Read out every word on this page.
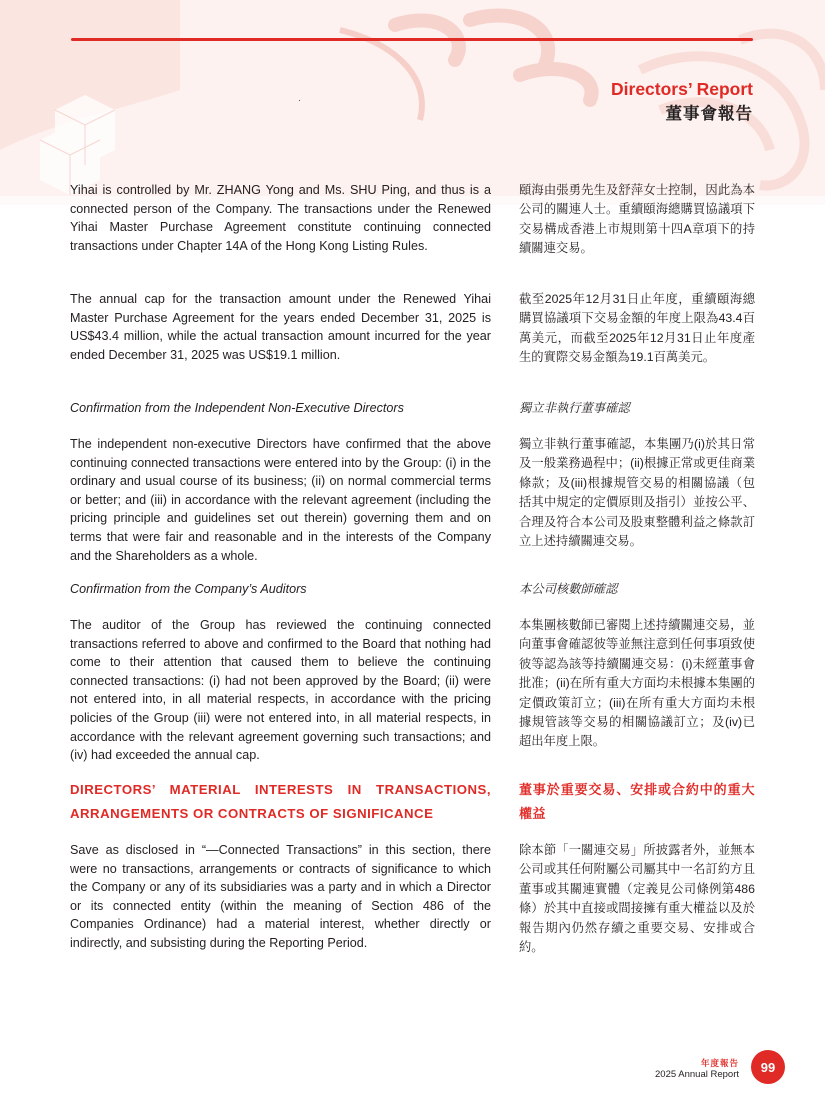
Directors’ Report
董事會報告

Yihai is controlled by Mr. ZHANG Yong and Ms. SHU Ping, and thus is a connected person of the Company. The transactions under the Renewed Yihai Master Purchase Agreement constitute continuing connected transactions under Chapter 14A of the Hong Kong Listing Rules.

The annual cap for the transaction amount under the Renewed Yihai Master Purchase Agreement for the years ended December 31, 2025 is US$43.4 million, while the actual transaction amount incurred for the year ended December 31, 2025 was US$19.1 million.

Confirmation from the Independent Non-Executive Directors

The independent non-executive Directors have confirmed that the above continuing connected transactions were entered into by the Group: (i) in the ordinary and usual course of its business; (ii) on normal commercial terms or better; and (iii) in accordance with the relevant agreement (including the pricing principle and guidelines set out therein) governing them and on terms that were fair and reasonable and in the interests of the Company and the Shareholders as a whole.

Confirmation from the Company’s Auditors

The auditor of the Group has reviewed the continuing connected transactions referred to above and confirmed to the Board that nothing had come to their attention that caused them to believe the continuing connected transactions: (i) had not been approved by the Board; (ii) were not entered into, in all material respects, in accordance with the pricing policies of the Group (iii) were not entered into, in all material respects, in accordance with the relevant agreement governing such transactions; and (iv) had exceeded the annual cap.

DIRECTORS’ MATERIAL INTERESTS IN TRANSACTIONS, ARRANGEMENTS OR CONTRACTS OF SIGNIFICANCE

Save as disclosed in “—Connected Transactions” in this section, there were no transactions, arrangements or contracts of significance to which the Company or any of its subsidiaries was a party and in which a Director or its connected entity (within the meaning of Section 486 of the Companies Ordinance) had a material interest, whether directly or indirectly, and subsisting during the Reporting Period.

頤海由張勇先生及舒萍女士控制，因此為本公司的關連人士。重續頤海總購買協議項下交易構成香港上市規則第十四A章項下的持續關連交易。

截至2025年12月31日止年度，重續頤海總購買協議項下交易金額的年度上限為43.4百萬美元，而截至2025年12月31日止年度產生的實際交易金額為19.1百萬美元。

獨立非執行董事確認

獨立非執行董事確認，本集團乃(i)於其日常及一般業務過程中；(ii)根據正常或更佳商業條款；及(iii)根據規管交易的相關協議（包括其中規定的定價原則及指引）並按公平、合理及符合本公司及股東整體利益之條款訂立上述持續關連交易。

本公司核數師確認

本集團核數師已審閱上述持續關連交易，並向董事會確認彼等並無注意到任何事項致使彼等認為該等持續關連交易：(i)未經董事會批准；(ii)在所有重大方面均未根據本集團的定價政策訂立；(iii)在所有重大方面均未根據規管該等交易的相關協議訂立；及(iv)已超出年度上限。

董事於重要交易、安排或合約中的重大權益

除本節「一關連交易」所披露者外，並無本公司或其任何附屬公司屬其中一名訂約方且董事或其關連實體（定義見公司條例第486條）於其中直接或間接擁有重大權益以及於報告期內仍然存續之重要交易、安排或合約。

年度報告
2025 Annual Report	99
